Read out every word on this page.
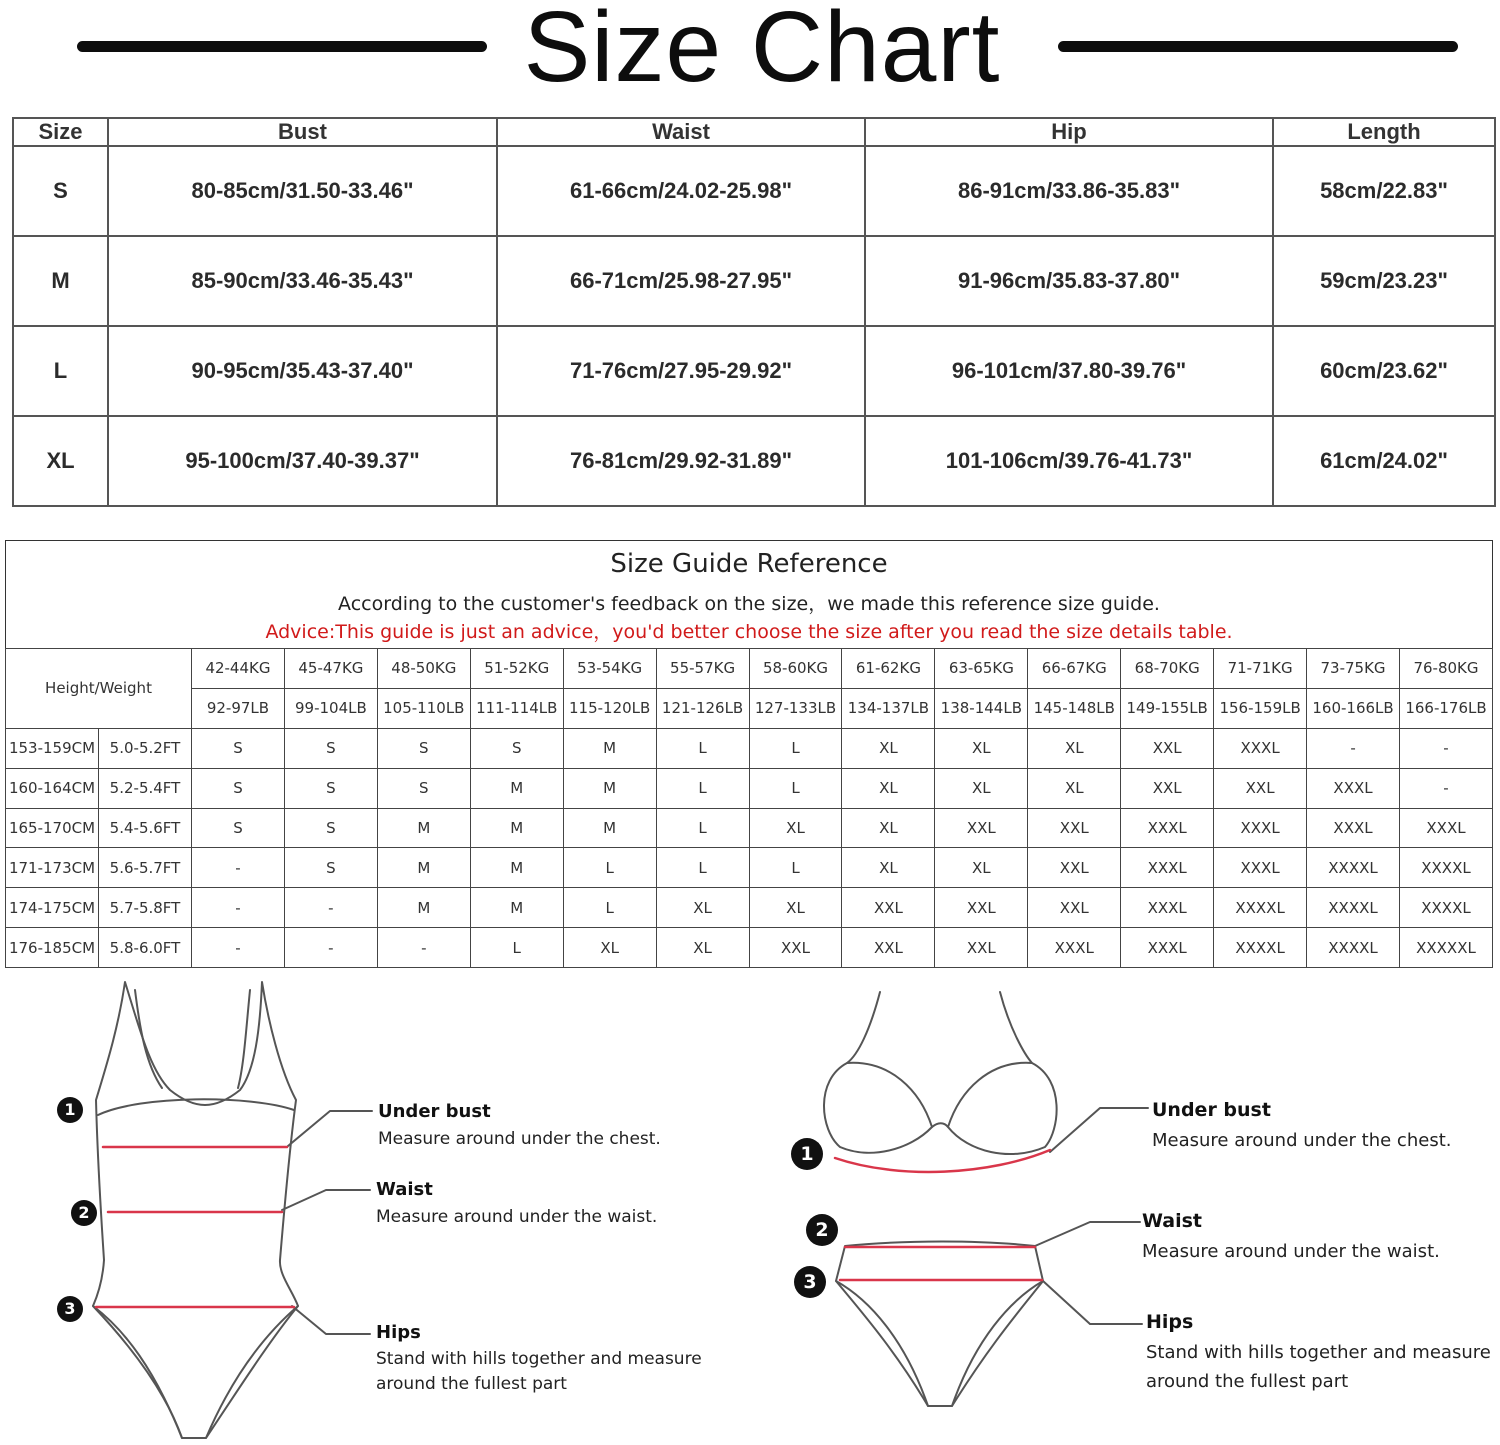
Size Chart
Size	Bust	Waist	Hip	Length
S	80-85cm/31.50-33.46"	61-66cm/24.02-25.98"	86-91cm/33.86-35.83"	58cm/22.83"
M	85-90cm/33.46-35.43"	66-71cm/25.98-27.95"	91-96cm/35.83-37.80"	59cm/23.23"
L	90-95cm/35.43-37.40"	71-76cm/27.95-29.92"	96-101cm/37.80-39.76"	60cm/23.62"
XL	95-100cm/37.40-39.37"	76-81cm/29.92-31.89"	101-106cm/39.76-41.73"	61cm/24.02"
Size Guide Reference
According to the customer's feedback on the size，we made this reference size guide.
Advice:This guide is just an advice，you'd better choose the size after you read the size details table.
Height/Weight		42-44KG	45-47KG	48-50KG	51-52KG	53-54KG	55-57KG	58-60KG	61-62KG	63-65KG	66-67KG	68-70KG	71-71KG	73-75KG	76-80KG
		92-97LB	99-104LB	105-110LB	111-114LB	115-120LB	121-126LB	127-133LB	134-137LB	138-144LB	145-148LB	149-155LB	156-159LB	160-166LB	166-176LB
153-159CM	5.0-5.2FT	S	S	S	S	M	L	L	XL	XL	XL	XXL	XXXL	-	-
160-164CM	5.2-5.4FT	S	S	S	M	M	L	L	XL	XL	XL	XXL	XXL	XXXL	-
165-170CM	5.4-5.6FT	S	S	M	M	M	L	XL	XL	XXL	XXL	XXXL	XXXL	XXXL	XXXL
171-173CM	5.6-5.7FT	-	S	M	M	L	L	L	XL	XL	XXL	XXXL	XXXL	XXXXL	XXXXL
174-175CM	5.7-5.8FT	-	-	M	M	L	XL	XL	XXL	XXL	XXL	XXXL	XXXXL	XXXXL	XXXXL
176-185CM	5.8-6.0FT	-	-	-	L	XL	XL	XXL	XXL	XXL	XXXL	XXXL	XXXXL	XXXXL	XXXXXL
1
2
3
1
2
3
Under bust
Measure around under the chest.
Waist
Measure around under the waist.
Hips
Stand with hills together and measure
around the fullest part
Under bust
Measure around under the chest.
Waist
Measure around under the waist.
Hips
Stand with hills together and measure
around the fullest part
